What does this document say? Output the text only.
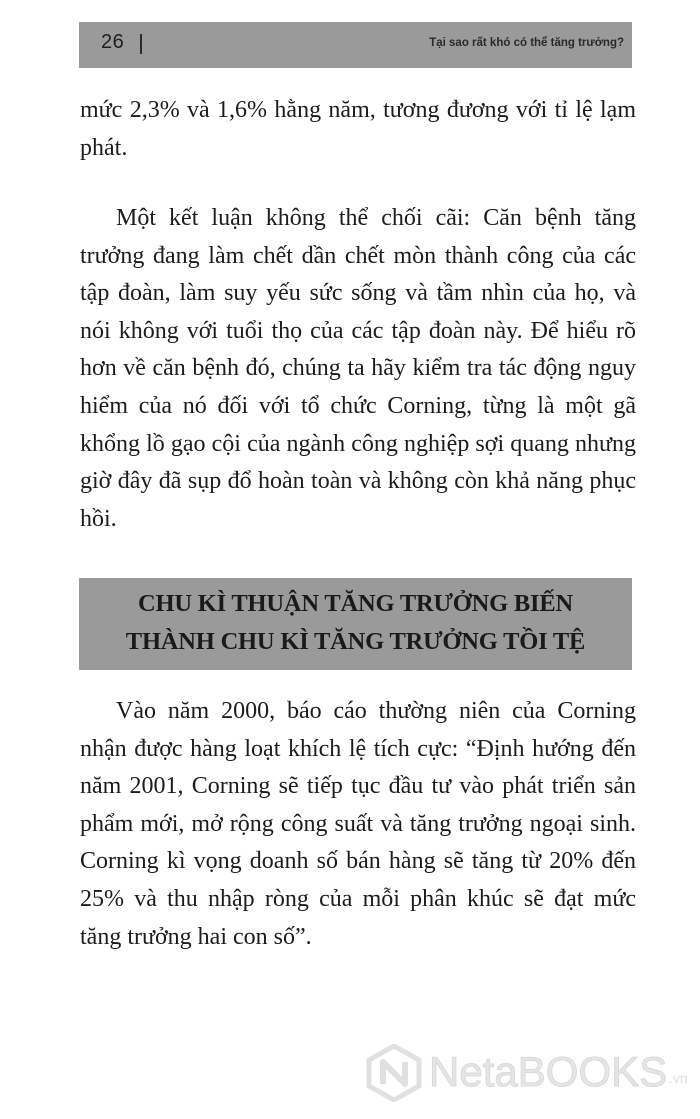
26	Tại sao rất khó có thể tăng trưởng?

mức 2,3% và 1,6% hằng năm, tương đương với tỉ lệ lạm phát.

Một kết luận không thể chối cãi: Căn bệnh tăng trưởng đang làm chết dần chết mòn thành công của các tập đoàn, làm suy yếu sức sống và tầm nhìn của họ, và nói không với tuổi thọ của các tập đoàn này. Để hiểu rõ hơn về căn bệnh đó, chúng ta hãy kiểm tra tác động nguy hiểm của nó đối với tổ chức Corning, từng là một gã khổng lồ gạo cội của ngành công nghiệp sợi quang nhưng giờ đây đã sụp đổ hoàn toàn và không còn khả năng phục hồi.

CHU KÌ THUẬN TĂNG TRƯỞNG BIẾN
THÀNH CHU KÌ TĂNG TRƯỞNG TỒI TỆ

Vào năm 2000, báo cáo thường niên của Corning nhận được hàng loạt khích lệ tích cực: “Định hướng đến năm 2001, Corning sẽ tiếp tục đầu tư vào phát triển sản phẩm mới, mở rộng công suất và tăng trưởng ngoại sinh. Corning kì vọng doanh số bán hàng sẽ tăng từ 20% đến 25% và thu nhập ròng của mỗi phân khúc sẽ đạt mức tăng trưởng hai con số”.

NetaBOOKS .vn
